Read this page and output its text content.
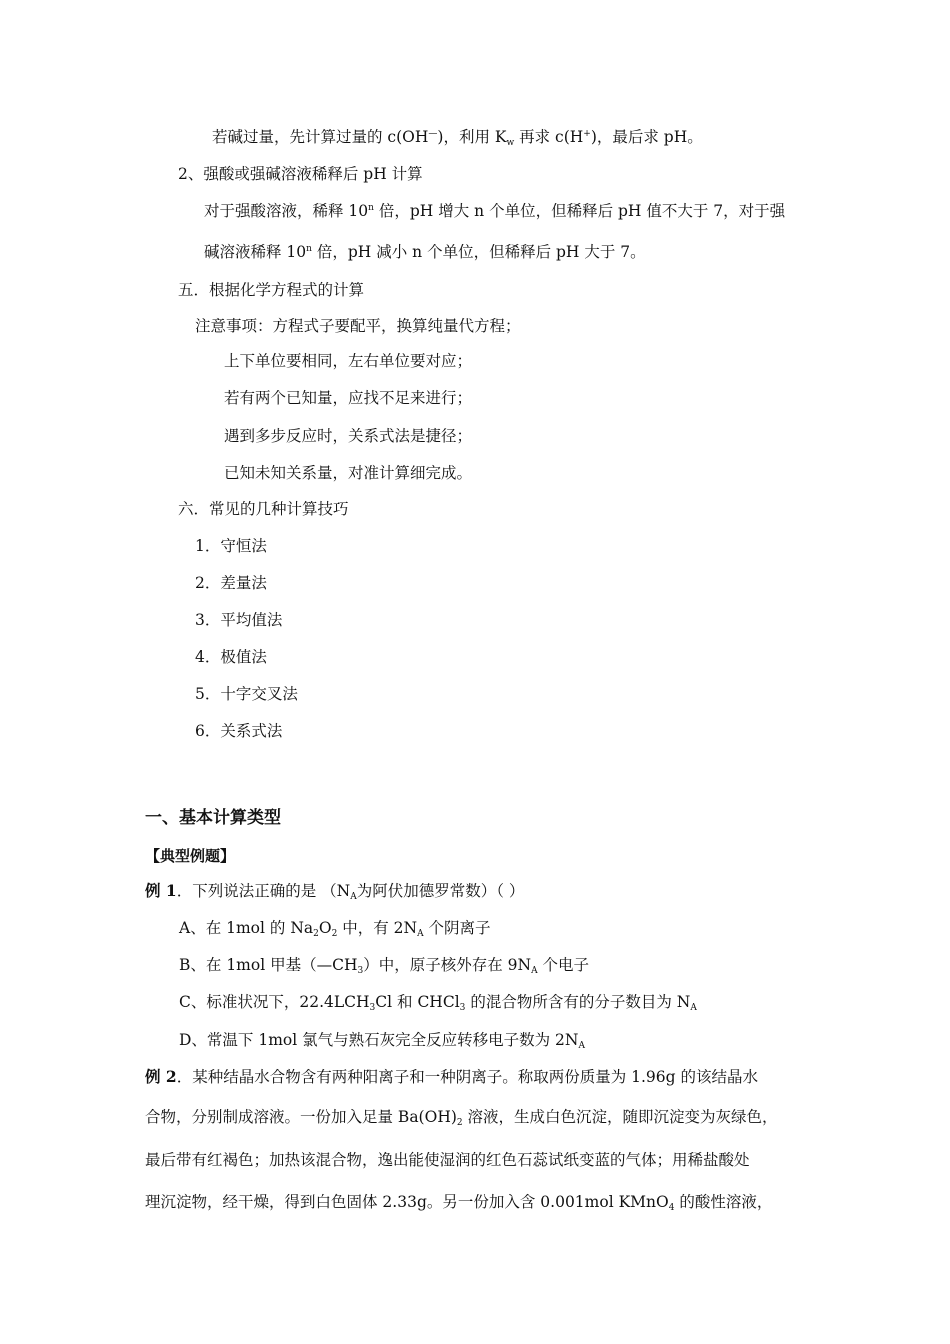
若碱过量，先计算过量的 c(OH—)，利用 $K_w$ 再求 c(H+)，最后求 pH。
2、强酸或强碱溶液稀释后 pH 计算
对于强酸溶液，稀释 10$^n$ 倍，pH 增大 n 个单位，但稀释后 pH 值不大于 7，对于强
碱溶液稀释 10$^n$ 倍，pH 减小 n 个单位，但稀释后 pH 大于 7。
五．根据化学方程式的计算
注意事项：方程式子要配平，换算纯量代方程；
上下单位要相同，左右单位要对应；
若有两个已知量，应找不足来进行；
遇到多步反应时，关系式法是捷径；
已知未知关系量，对准计算细完成。
六．常见的几种计算技巧
1．守恒法
2．差量法
3．平均值法
4．极值法
5．十字交叉法
6．关系式法
一、基本计算类型
【典型例题】
例 1．下列说法正确的是 （$N_A$为阿伏加德罗常数）（ ）
A、在 1mol 的 $Na_2O_2$ 中，有 $2N_A$ 个阴离子
B、在 1mol 甲基$(—CH_3)$中，原子核外存在 $9N_A$ 个电子
C、标准状况下，$22.4LCH_3Cl$ 和 CHCl$_3$ 的混合物所含有的分子数目为 $N_A$
D、常温下 1mol 氯气与熟石灰完全反应转移电子数为 $2N_A$
例 2．某种结晶水合物含有两种阳离子和一种阴离子。称取两份质量为 1.96g 的该结晶水
合物，分别制成溶液。一份加入足量 $Ba(OH)_2$ 溶液，生成白色沉淀，随即沉淀变为灰绿色，
最后带有红褐色；加热该混合物，逸出能使湿润的红色石蕊试纸变蓝的气体；用稀盐酸处
理沉淀物，经干燥，得到白色固体 2.33g。另一份加入含 0.001mol KMnO$_4$ 的酸性溶液，
